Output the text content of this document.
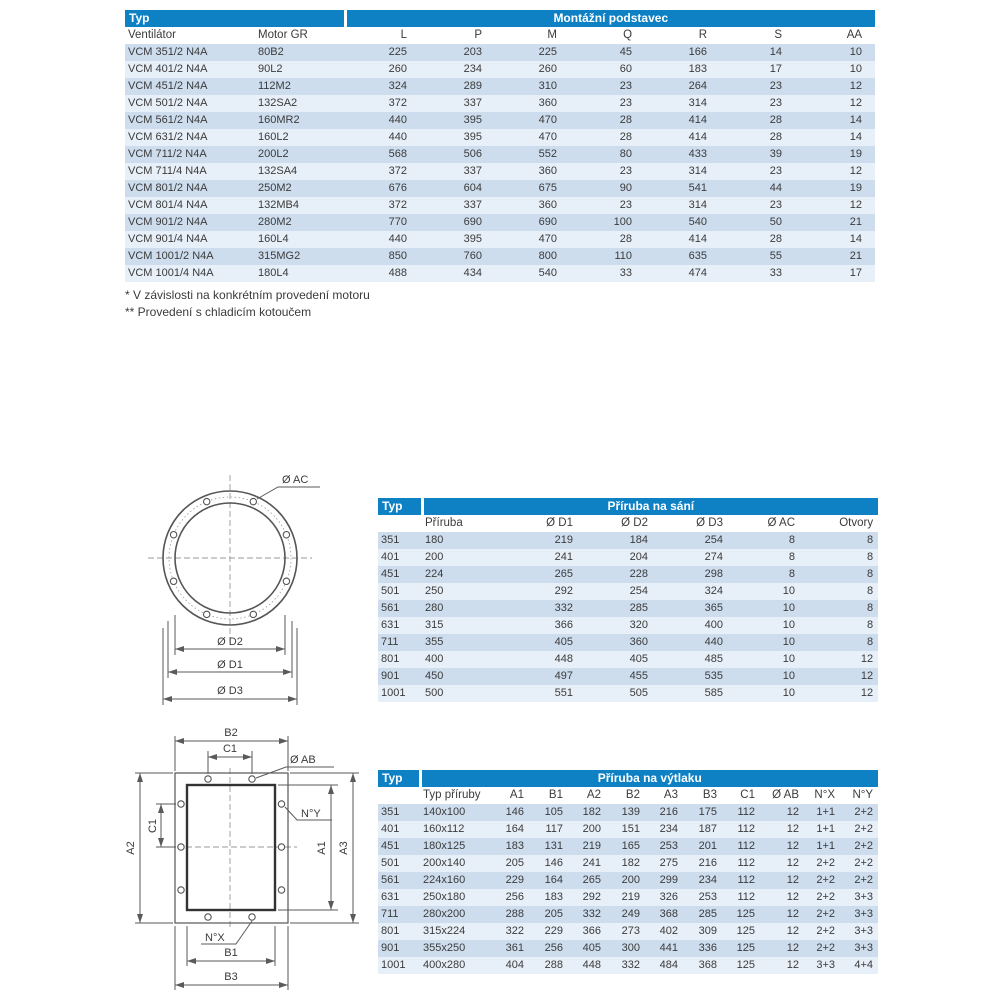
Typ		Montážní podstavec						
Ventilátor	Motor GR	L	P	M	Q	R	S	AA
VCM 351/2 N4A	80B2	225	203	225	45	166	14	10
VCM 401/2 N4A	90L2	260	234	260	60	183	17	10
VCM 451/2 N4A	112M2	324	289	310	23	264	23	12
VCM 501/2 N4A	132SA2	372	337	360	23	314	23	12
VCM 561/2 N4A	160MR2	440	395	470	28	414	28	14
VCM 631/2 N4A	160L2	440	395	470	28	414	28	14
VCM 711/2 N4A	200L2	568	506	552	80	433	39	19
VCM 711/4 N4A	132SA4	372	337	360	23	314	23	12
VCM 801/2 N4A	250M2	676	604	675	90	541	44	19
VCM 801/4 N4A	132MB4	372	337	360	23	314	23	12
VCM 901/2 N4A	280M2	770	690	690	100	540	50	21
VCM 901/4 N4A	160L4	440	395	470	28	414	28	14
VCM 1001/2 N4A	315MG2	850	760	800	110	635	55	21
VCM 1001/4 N4A	180L4	488	434	540	33	474	33	17
* V závislosti na konkrétním provedení motoru
** Provedení s chladicím kotoučem
Ø AC
Ø D2
Ø D1
Ø D3
Typ	Příruba na sání					
	Příruba	Ø D1	Ø D2	Ø D3	Ø AC	Otvory
351	180	219	184	254	8	8
401	200	241	204	274	8	8
451	224	265	228	298	8	8
501	250	292	254	324	10	8
561	280	332	285	365	10	8
631	315	366	320	400	10	8
711	355	405	360	440	10	8
801	400	448	405	485	10	12
901	450	497	455	535	10	12
1001	500	551	505	585	10	12
B2
C1
Ø AB
N°Y
C1
A2	A1 A3
N°X
B1
B3
Typ	Příruba na výtlaku										
	Typ příruby	A1	B1	A2	B2	A3	B3	C1	Ø AB	N°X	N°Y
351	140x100	146	105	182	139	216	175	112	12	1+1	2+2
401	160x112	164	117	200	151	234	187	112	12	1+1	2+2
451	180x125	183	131	219	165	253	201	112	12	1+1	2+2
501	200x140	205	146	241	182	275	216	112	12	2+2	2+2
561	224x160	229	164	265	200	299	234	112	12	2+2	2+2
631	250x180	256	183	292	219	326	253	112	12	2+2	3+3
711	280x200	288	205	332	249	368	285	125	12	2+2	3+3
801	315x224	322	229	366	273	402	309	125	12	2+2	3+3
901	355x250	361	256	405	300	441	336	125	12	2+2	3+3
1001	400x280	404	288	448	332	484	368	125	12	3+3	4+4
